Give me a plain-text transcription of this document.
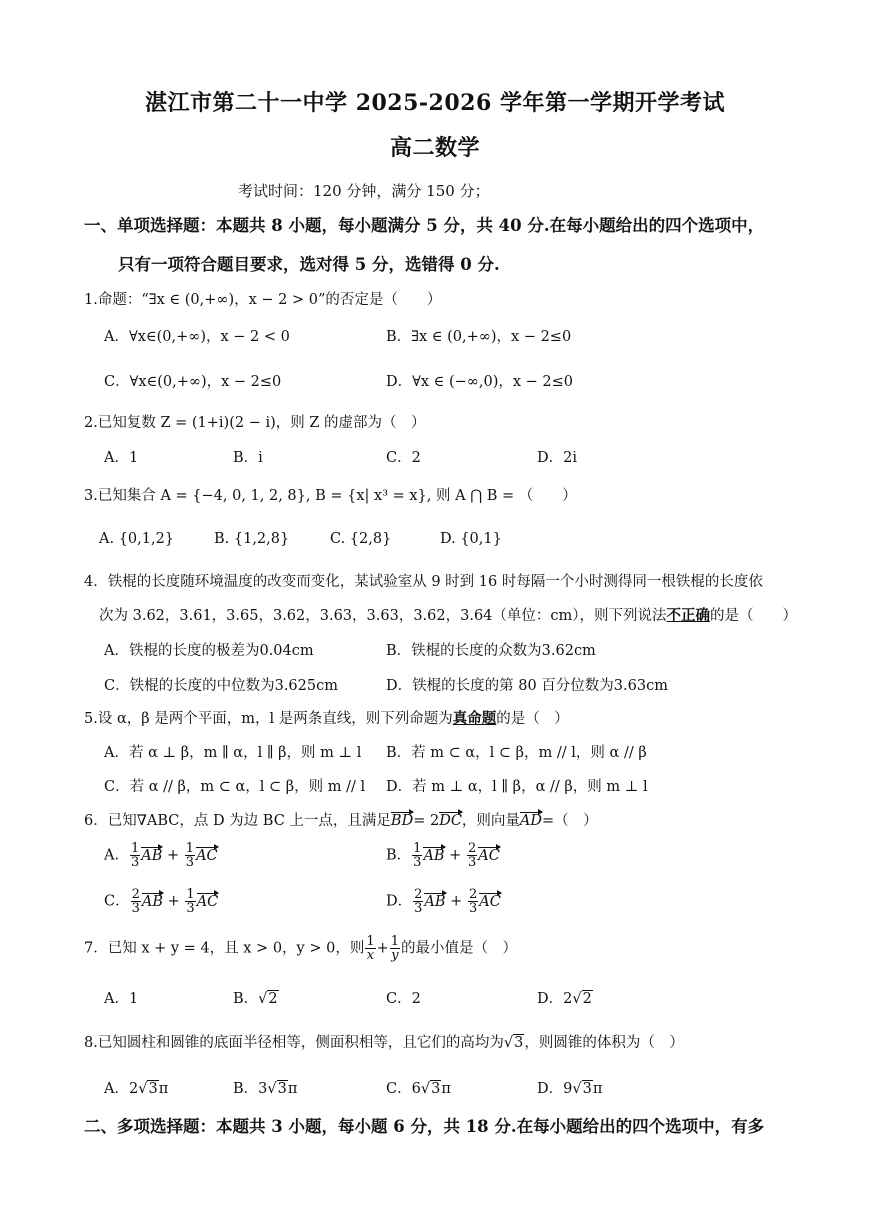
湛江市第二十一中学 2025-2026 学年第一学期开学考试
高二数学
考试时间：120 分钟，满分 150 分；
一、单项选择题：本题共 8 小题，每小题满分 5 分，共 40 分.在每小题给出的四个选项中，
只有一项符合题目要求，选对得 5 分，选错得 0 分.
1.命题：“∃x ∈ (0,+∞)，x − 2 > 0”的否定是（　　）
A．∀x∈(0,+∞)，x − 2 < 0	B．∃x ∈ (0,+∞)，x − 2≤0
C．∀x∈(0,+∞)，x − 2≤0	D．∀x ∈ (−∞,0)，x − 2≤0
2.已知复数 Z = (1+i)(2 − i)，则 Z 的虚部为（　）
A．1	B．i	C．2	D．2i
3.已知集合 A = {−4, 0, 1, 2, 8}, B = {x| x³ = x}, 则 A ⋂ B = （　　）
A. {0,1,2}	B. {1,2,8}	C. {2,8}	D. {0,1}
4．铁棍的长度随环境温度的改变而变化，某试验室从 9 时到 16 时每隔一个小时测得同一根铁棍的长度依
次为 3.62，3.61，3.65，3.62，3.63，3.63，3.62，3.64（单位：cm），则下列说法不正确的是（　　）
A．铁棍的长度的极差为0.04cm	B．铁棍的长度的众数为3.62cm
C．铁棍的长度的中位数为3.625cm	D．铁棍的长度的第 80 百分位数为3.63cm
5.设 α，β 是两个平面，m，l 是两条直线，则下列命题为真命题的是（　）
A．若 α ⊥ β，m ∥ α，l ∥ β，则 m ⊥ l B．若 m ⊂ α，l ⊂ β，m // l，则 α // β
C．若 α // β，m ⊂ α，l ⊂ β，则 m // l D．若 m ⊥ α，l ∥ β，α // β，则 m ⊥ l
6．已知∇ABC，点 D 为边 BC 上一点，且满足BD= 2DC，则向量AD=（　）
A． $\frac{1}{3}$ AB + $\frac{1}{3}$ AC	B． $\frac{1}{3}$ AB + $\frac{2}{3}$ AC
C． $\frac{2}{3}$ AB + $\frac{1}{3}$ AC	D． $\frac{2}{3}$ AB + $\frac{2}{3}$ AC
7．已知 x + y = 4，且 x > 0，y > 0，则 $\frac{1}{x} + \frac{1}{y}$ 的最小值是（　）
A．1	B．√2	C．2	D．2√2
8.已知圆柱和圆锥的底面半径相等，侧面积相等，且它们的高均为√3，则圆锥的体积为（　）
A．2√3π	B．3√3π	C．6√3π	D．9√3π
二、多项选择题：本题共 3 小题，每小题 6 分，共 18 分.在每小题给出的四个选项中，有多
